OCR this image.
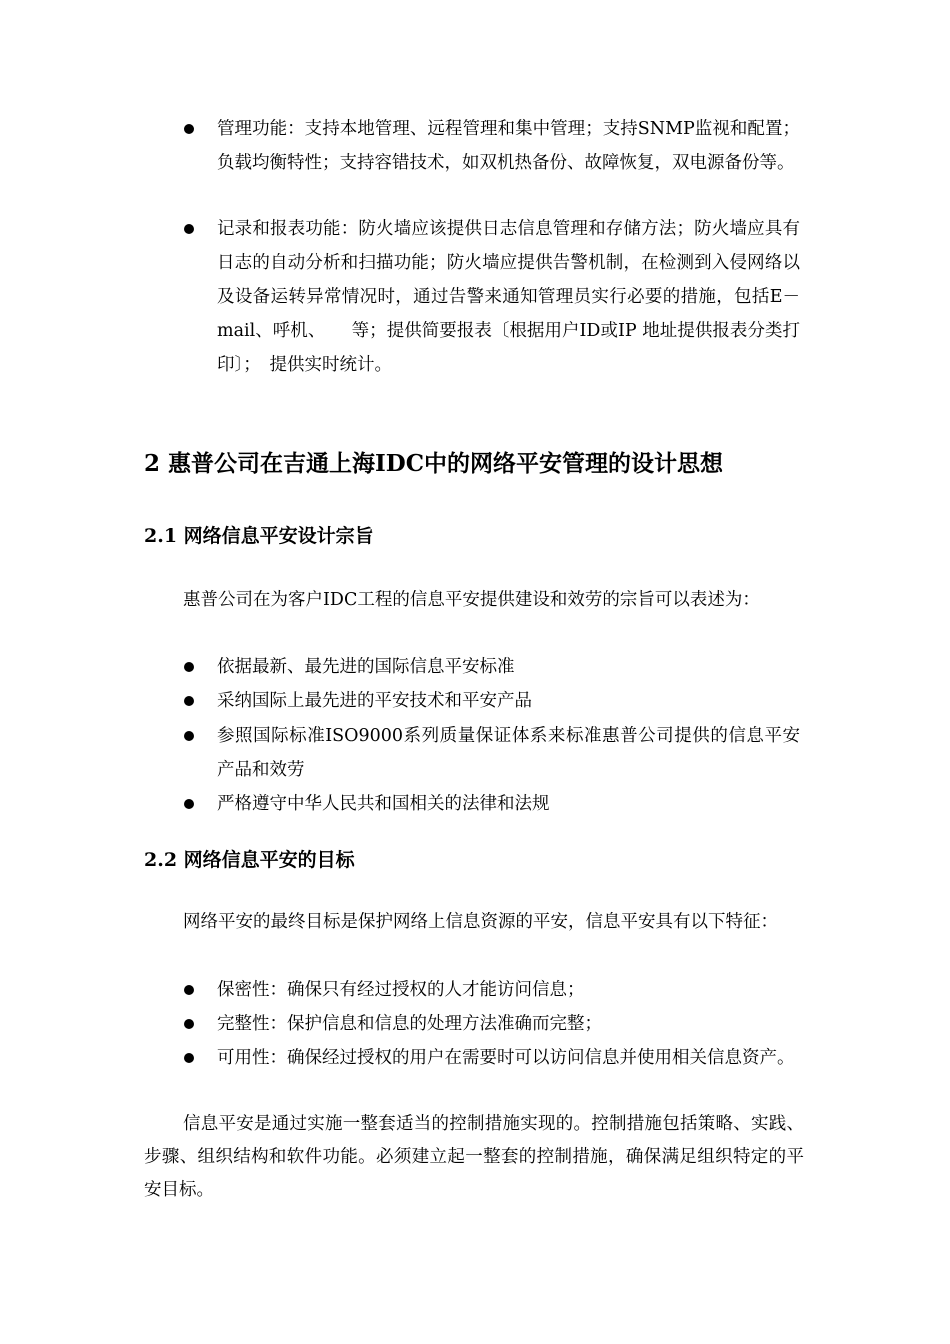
管理功能：支持本地管理、远程管理和集中管理；支持SNMP监视和配置；负载均衡特性；支持容错技术，如双机热备份、故障恢复，双电源备份等。
记录和报表功能：防火墙应该提供日志信息管理和存储方法；防火墙应具有日志的自动分析和扫描功能；防火墙应提供告警机制，在检测到入侵网络以及设备运转异常情况时，通过告警来通知管理员实行必要的措施，包括E－mail、呼机、　　等；提供简要报表〔根据用户ID或IP 地址提供报表分类打印〕；　提供实时统计。
2 惠普公司在吉通上海IDC中的网络平安管理的设计思想
2.1 网络信息平安设计宗旨
惠普公司在为客户IDC工程的信息平安提供建设和效劳的宗旨可以表述为：
依据最新、最先进的国际信息平安标准
采纳国际上最先进的平安技术和平安产品
参照国际标准ISO9000系列质量保证体系来标准惠普公司提供的信息平安产品和效劳
严格遵守中华人民共和国相关的法律和法规
2.2 网络信息平安的目标
网络平安的最终目标是保护网络上信息资源的平安，信息平安具有以下特征：
保密性：确保只有经过授权的人才能访问信息；
完整性：保护信息和信息的处理方法准确而完整；
可用性：确保经过授权的用户在需要时可以访问信息并使用相关信息资产。
信息平安是通过实施一整套适当的控制措施实现的。控制措施包括策略、实践、步骤、组织结构和软件功能。必须建立起一整套的控制措施，确保满足组织特定的平安目标。
